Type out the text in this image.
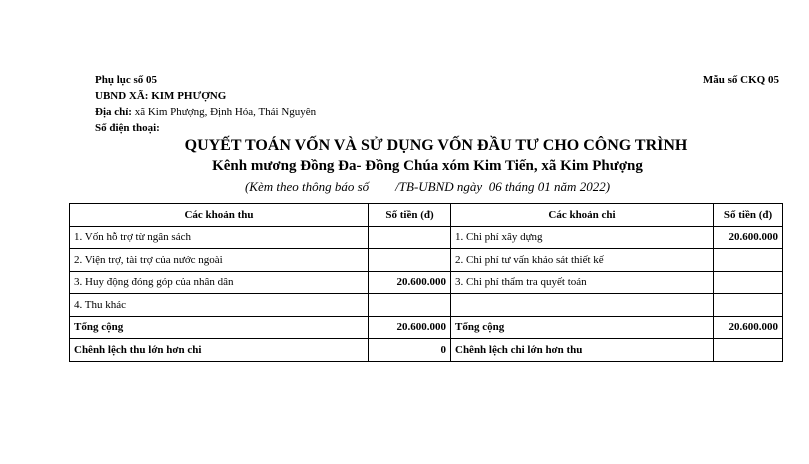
Phụ lục số 05	Mẫu số CKQ 05
UBND XÃ: KIM PHƯỢNG
Địa chỉ: xã Kim Phượng, Định Hóa, Thái Nguyên
Số điện thoại:
QUYẾT TOÁN VỐN VÀ SỬ DỤNG VỐN ĐẦU TƯ CHO CÔNG TRÌNH
Kênh mương Đồng Đa- Đồng Chúa xóm Kim Tiến, xã Kim Phượng
(Kèm theo thông báo số        /TB-UBND ngày  06 tháng 01 năm 2022)
Các khoản thu	Số tiền (đ)	Các khoản chi	Số tiền (đ)
1. Vốn hỗ trợ từ ngân sách		1. Chi phí xây dựng	20.600.000
2. Viện trợ, tài trợ của nước ngoài		2. Chi phí tư vấn khảo sát thiết kế	
3. Huy động đóng góp của nhân dân	20.600.000	3. Chi phí thẩm tra quyết toán	
4. Thu khác			
Tổng cộng	20.600.000	Tổng cộng	20.600.000
Chênh lệch thu lớn hơn chi	0	Chênh lệch chi lớn hơn thu	
